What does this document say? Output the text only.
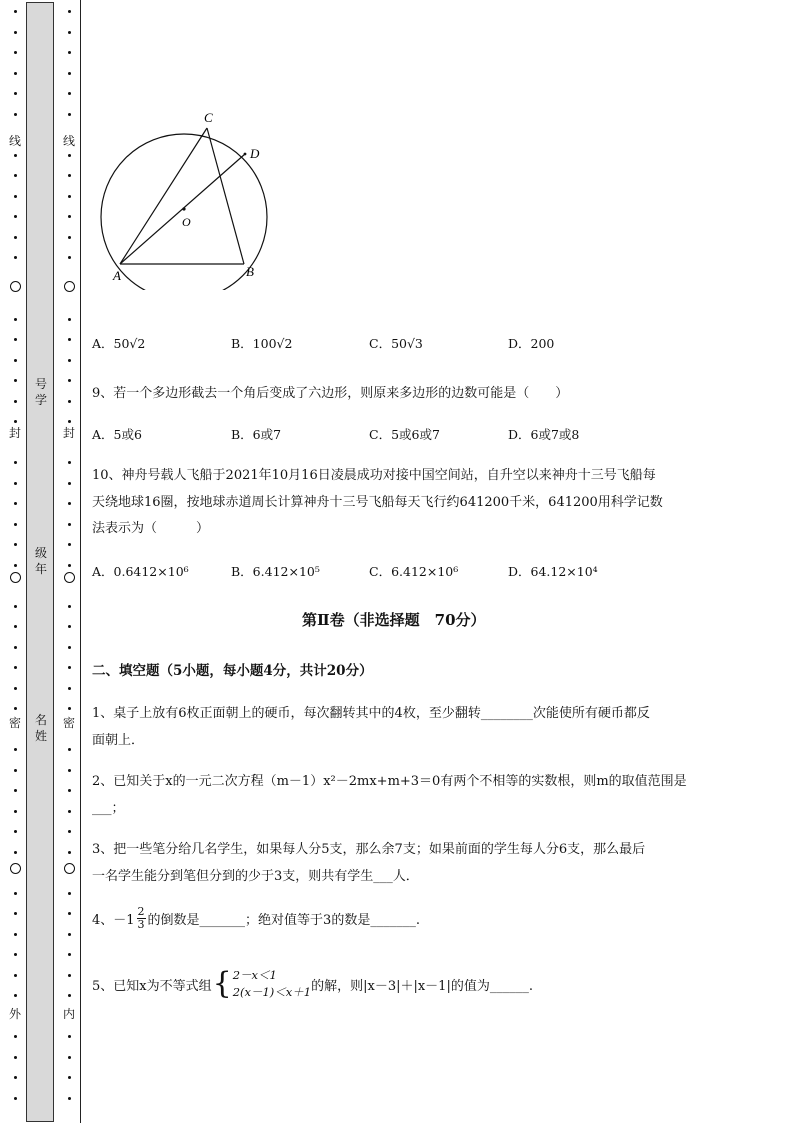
线
封
密
外
线
封
密
内
号学
级年
名姓
C
D
O
A	B
A．50√2	B．100√2	C．50√3	D．200
9、若一个多边形截去一个角后变成了六边形，则原来多边形的边数可能是（　　）
A．5或6	B．6或7	C．5或6或7	D．6或7或8
10、神舟号载人飞船于2021年10月16日凌晨成功对接中国空间站，自升空以来神舟十三号飞船每
天绕地球16圈，按地球赤道周长计算神舟十三号飞船每天飞行约641200千米，641200用科学记数
法表示为（　　　）
A．0.6412×10⁶	B．6.412×10⁵	C．6.412×10⁶	D．64.12×10⁴
第Ⅱ卷（非选择题　70分）
二、填空题（5小题，每小题4分，共计20分）
1、桌子上放有6枚正面朝上的硬币，每次翻转其中的4枚，至少翻转________次能使所有硬币都反
面朝上．
2、已知关于x的一元二次方程（m－1）x²－2mx+m+3＝0有两个不相等的实数根，则m的取值范围是
___；
3、把一些笔分给几名学生，如果每人分5支，那么余7支；如果前面的学生每人分6支，那么最后
一名学生能分到笔但分到的少于3支，则共有学生___人．
4、$-1 \frac{2}{3}$ 的倒数是_______；绝对值等于3的数是_______.
5、已知x为不等式组 { 2－x＜1
2(x－1)＜x＋1 的解，则|x－3|＋|x－1|的值为______.
